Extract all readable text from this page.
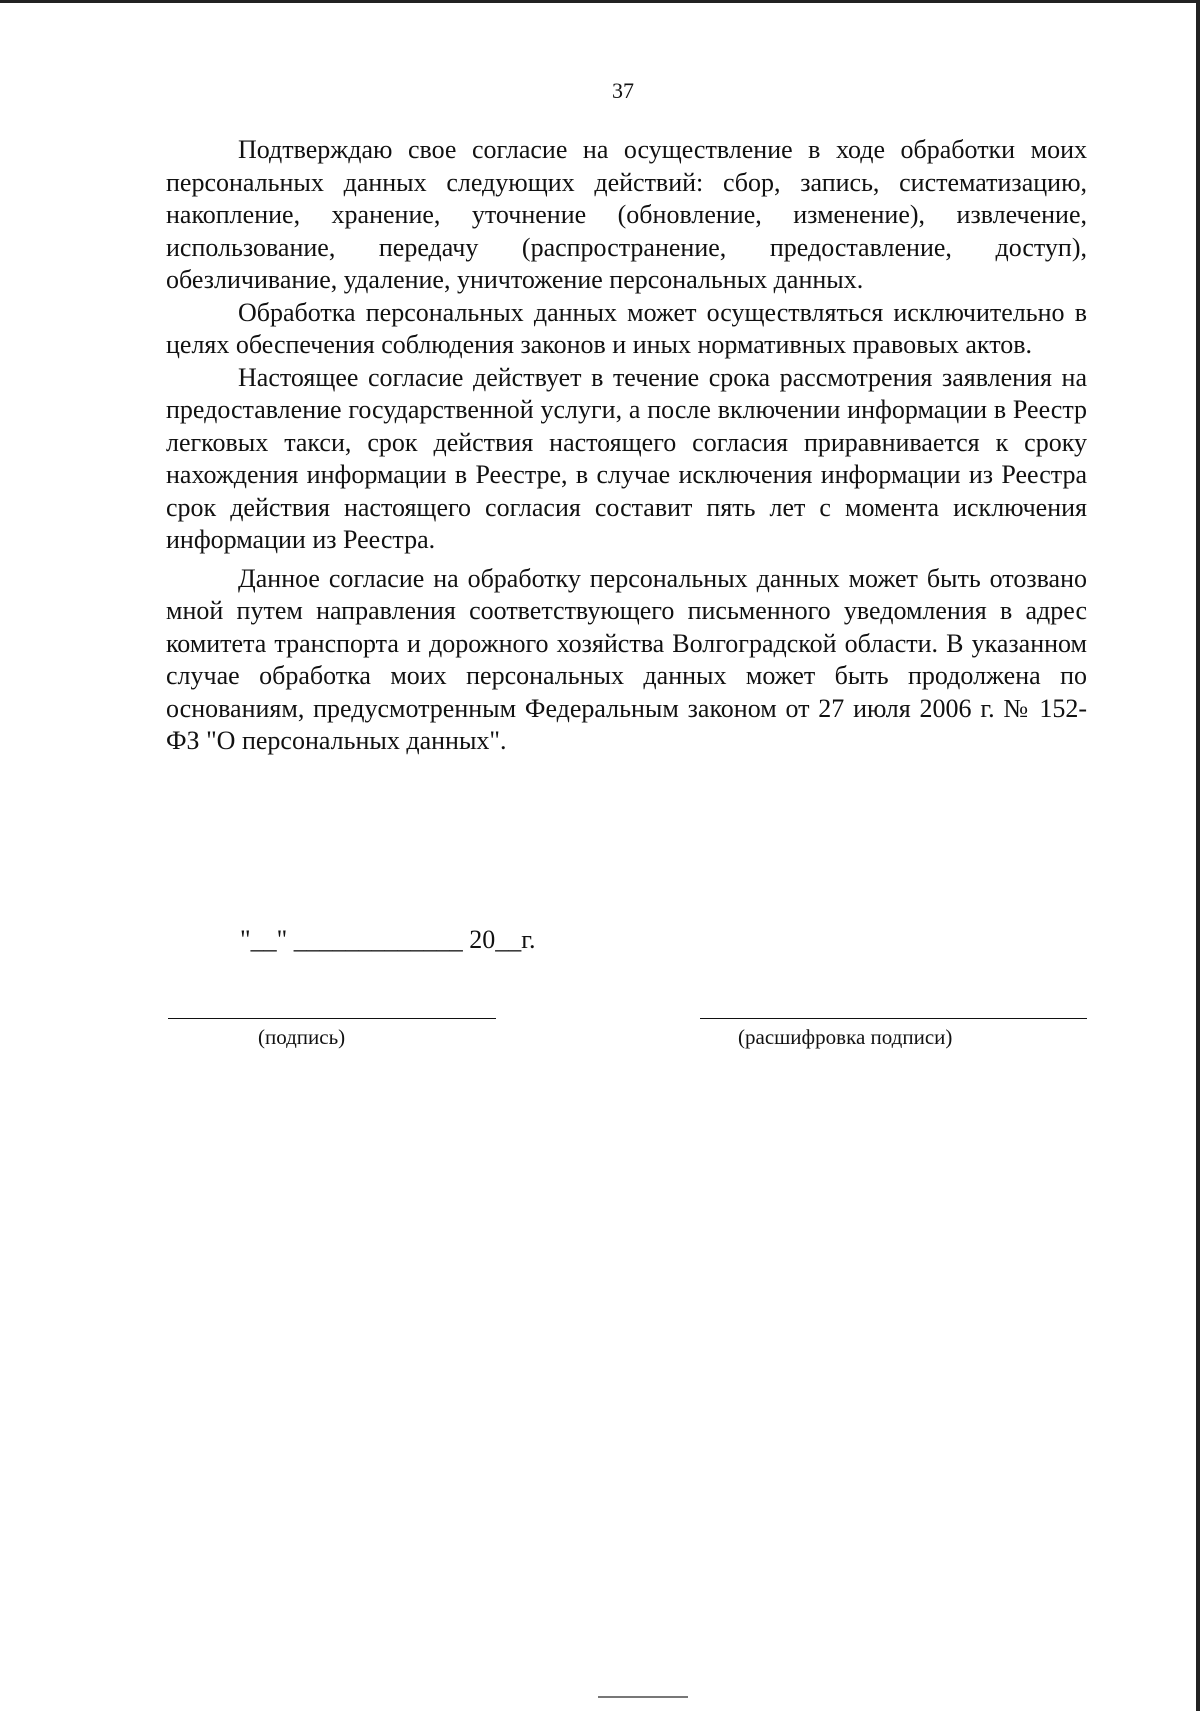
37

Подтверждаю свое согласие на осуществление в ходе обработки моих персональных данных следующих действий: сбор, запись, систематизацию, накопление, хранение, уточнение (обновление, изменение), извлечение, использование, передачу (распространение, предоставление, доступ), обезличивание, удаление, уничтожение персональных данных.

Обработка персональных данных может осуществляться исключительно в целях обеспечения соблюдения законов и иных нормативных правовых актов.

Настоящее согласие действует в течение срока рассмотрения заявления на предоставление государственной услуги, а после включении информации в Реестр легковых такси, срок действия настоящего согласия приравнивается к сроку нахождения информации в Реестре, в случае исключения информации из Реестра срок действия настоящего согласия составит пять лет с момента исключения информации из Реестра.

Данное согласие на обработку персональных данных может быть отозвано мной путем направления соответствующего письменного уведомления в адрес комитета транспорта и дорожного хозяйства Волгоградской области. В указанном случае обработка моих персональных данных может быть продолжена по основаниям, предусмотренным Федеральным законом от 27 июля 2006 г. № 152-ФЗ "О персональных данных".

"__" _____________ 20__г.
(подпись)	(расшифровка подписи)
